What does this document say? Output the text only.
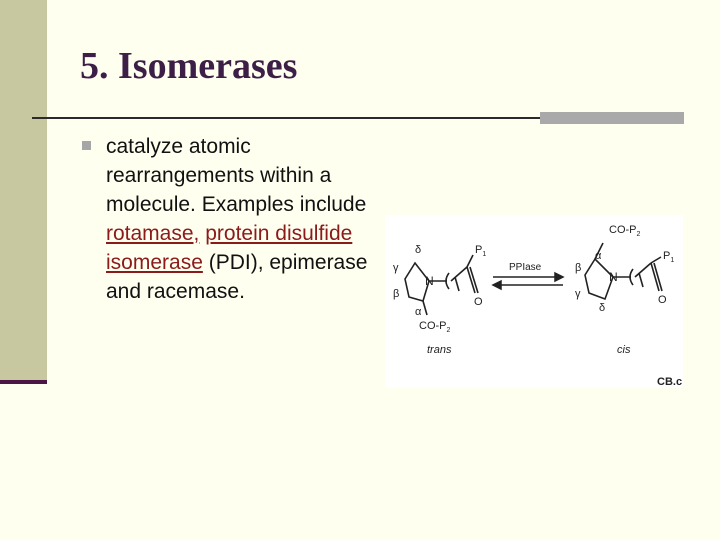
5. Isomerases
catalyze atomic rearrangements within a molecule. Examples include rotamase, protein disulfide isomerase (PDI), epimerase and racemase.
δ
γ
β
α
N
$P_1$
O
$CO-P_2$
trans
PPIase
$CO-P_2$
α
β
γ
δ
N
$P_1$
O
cis
CB.c
